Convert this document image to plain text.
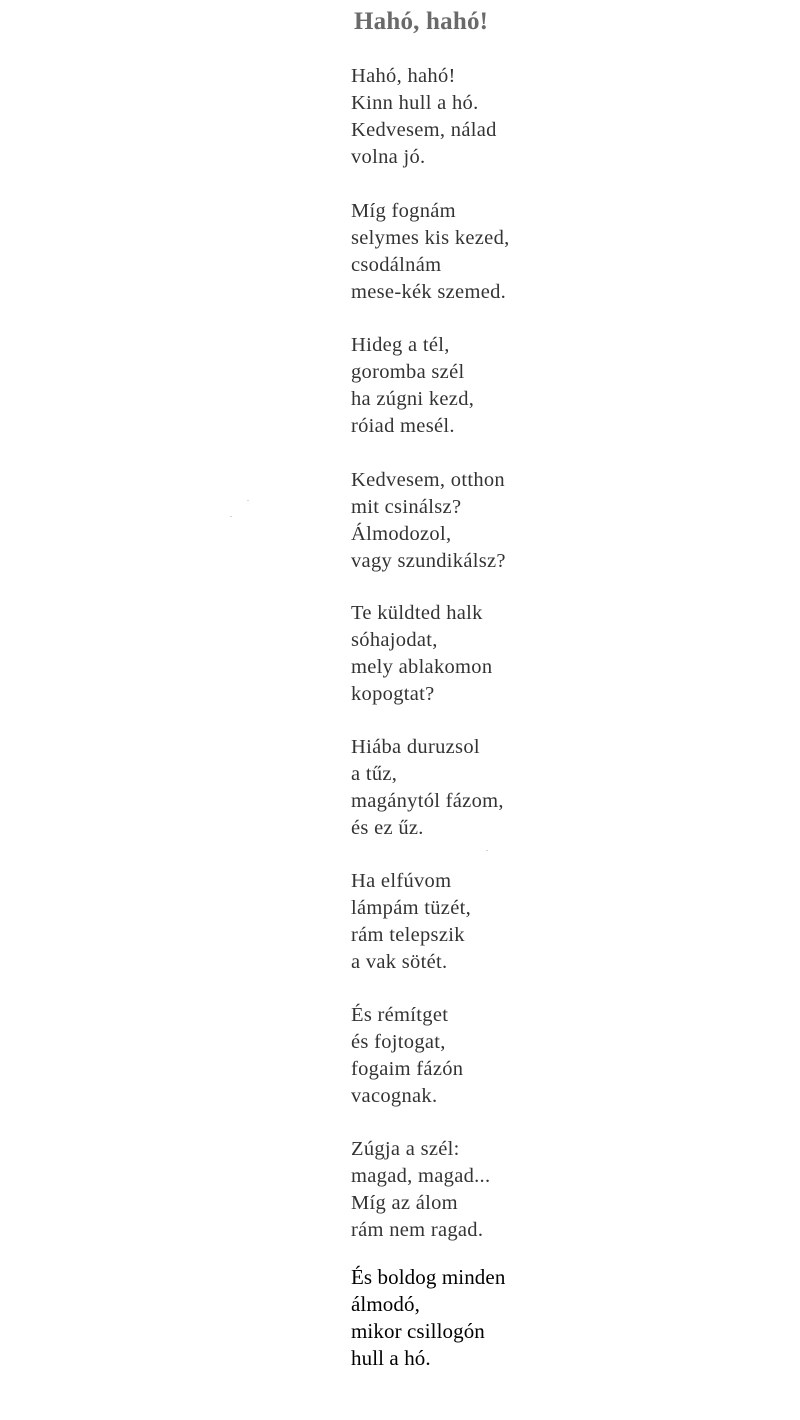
Hahó, hahó!
Hahó, hahó!
Kinn hull a hó.
Kedvesem, nálad
volna jó.
Míg fognám
selymes kis kezed,
csodálnám
mese-kék szemed.
Hideg a tél,
goromba szél
ha zúgni kezd,
róiad mesél.
Kedvesem, otthon
mit csinálsz?
Álmodozol,
vagy szundikálsz?
Te küldted halk
sóhajodat,
mely ablakomon
kopogtat?
Hiába duruzsol
a tűz,
magánytól fázom,
és ez űz.
Ha elfúvom
lámpám tüzét,
rám telepszik
a vak sötét.
És rémítget
és fojtogat,
fogaim fázón
vacognak.
Zúgja a szél:
magad, magad...
Míg az álom
rám nem ragad.
És boldog minden
álmodó,
mikor csillogón
hull a hó.
